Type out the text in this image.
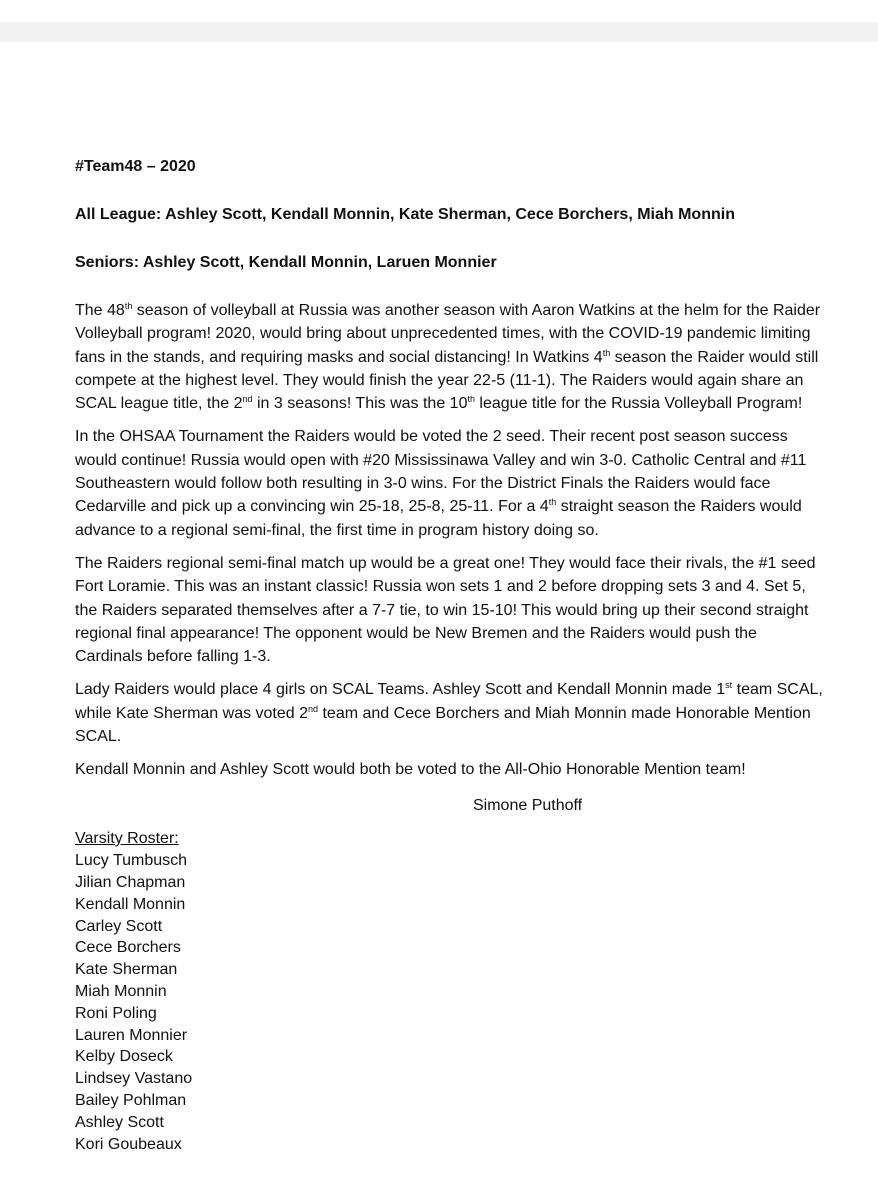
#Team48 – 2020

All League: Ashley Scott, Kendall Monnin, Kate Sherman, Cece Borchers, Miah Monnin

Seniors: Ashley Scott, Kendall Monnin, Laruen Monnier

The 48th season of volleyball at Russia was another season with Aaron Watkins at the helm for the Raider Volleyball program! 2020, would bring about unprecedented times, with the COVID-19 pandemic limiting fans in the stands, and requiring masks and social distancing! In Watkins 4th season the Raider would still compete at the highest level. They would finish the year 22-5 (11-1). The Raiders would again share an SCAL league title, the 2nd in 3 seasons! This was the 10th league title for the Russia Volleyball Program!

In the OHSAA Tournament the Raiders would be voted the 2 seed. Their recent post season success would continue! Russia would open with #20 Mississinawa Valley and win 3-0. Catholic Central and #11 Southeastern would follow both resulting in 3-0 wins. For the District Finals the Raiders would face Cedarville and pick up a convincing win 25-18, 25-8, 25-11. For a 4th straight season the Raiders would advance to a regional semi-final, the first time in program history doing so.

The Raiders regional semi-final match up would be a great one! They would face their rivals, the #1 seed Fort Loramie. This was an instant classic! Russia won sets 1 and 2 before dropping sets 3 and 4. Set 5, the Raiders separated themselves after a 7-7 tie, to win 15-10! This would bring up their second straight regional final appearance! The opponent would be New Bremen and the Raiders would push the Cardinals before falling 1-3.

Lady Raiders would place 4 girls on SCAL Teams. Ashley Scott and Kendall Monnin made 1st team SCAL, while Kate Sherman was voted 2nd team and Cece Borchers and Miah Monnin made Honorable Mention SCAL.

Kendall Monnin and Ashley Scott would both be voted to the All-Ohio Honorable Mention team!

Simone Puthoff

Varsity Roster:

Lucy Tumbusch
Jilian Chapman
Kendall Monnin
Carley Scott
Cece Borchers
Kate Sherman
Miah Monnin
Roni Poling
Lauren Monnier
Kelby Doseck
Lindsey Vastano
Bailey Pohlman
Ashley Scott
Kori Goubeaux
